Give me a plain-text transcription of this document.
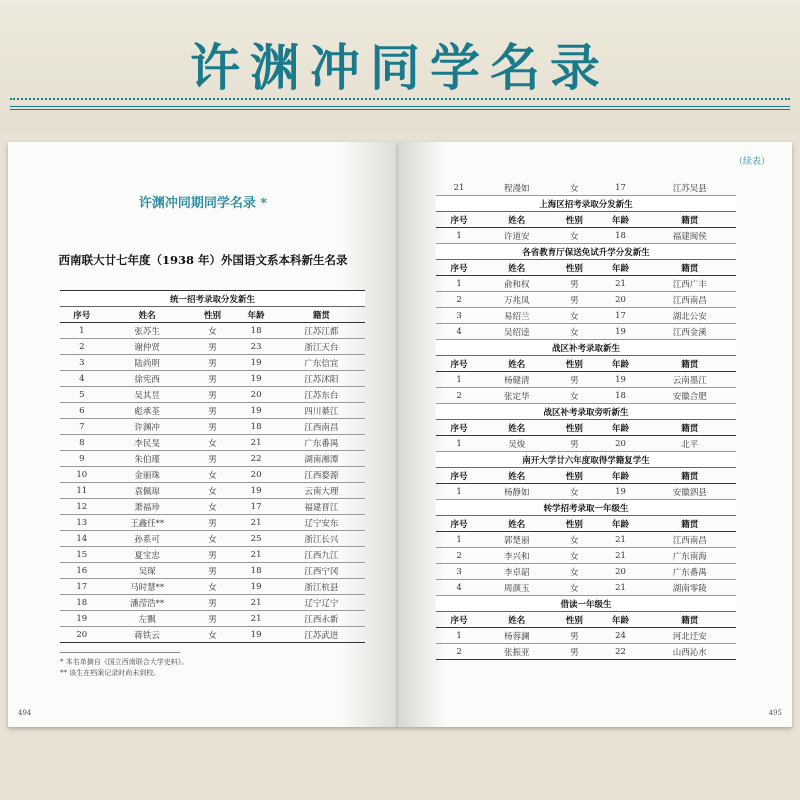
许渊冲同学名录
许渊冲同期同学名录 *
西南联大廿七年度（1938 年）外国语文系本科新生名录
统一招考录取分发新生				
序号	姓名	性别	年龄	籍贯
1	张苏生	女	18	江苏江都
2	谢仲贤	男	23	浙江天台
3	陆尚明	男	19	广东信宜
4	徐宪西	男	19	江苏沭阳
5	吴其昱	男	20	江苏东台
6	彪承荃	男	19	四川綦江
7	许渊冲	男	18	江西南昌
8	李民旻	女	21	广东番禺
9	朱伯瑾	男	22	湖南湘潭
10	金丽珠	女	20	江西婺源
11	袁佩琼	女	19	云南大理
12	萧福珍	女	17	福建晋江
13	王鑫任**	男	21	辽宁安东
14	孙系可	女	25	浙江长兴
15	夏宝忠	男	21	江西九江
16	吴琛	男	18	江西宁冈
17	马时慧**	女	19	浙江杭县
18	潘滢浩**	男	21	辽宁辽宁
19	左飘	男	21	江西永新
20	蒋铁云	女	19	江苏武进
* 本名单摘自《国立西南联合大学史料》。
** 该生在档案记录时尚未到校。
494
（续表）
21	程漫如	女	17	江苏吴县
上海区招考录取分发新生				
序号	姓名	性别	年龄	籍贯
1	许道安	女	18	福建闽侯
各省教育厅保送免试升学分发新生				
序号	姓名	性别	年龄	籍贯
1	俞和权	男	21	江西广丰
2	万兆凤	男	20	江西南昌
3	易绍兰	女	17	湖北公安
4	吴绍逵	女	19	江西金溪
战区补考录取新生				
序号	姓名	性别	年龄	籍贯
1	杨健清	男	19	云南墨江
2	张定华	女	18	安徽合肥
战区补考录取旁听新生				
序号	姓名	性别	年龄	籍贯
1	吴焌	男	20	北平
南开大学廿六年度取得学籍复学生				
序号	姓名	性别	年龄	籍贯
1	杨静如	女	19	安徽泗县
转学招考录取一年级生				
序号	姓名	性别	年龄	籍贯
1	郭楚丽	女	21	江西南昌
2	李兴和	女	21	广东南海
3	李卓韶	女	20	广东番禺
4	周颜玉	女	21	湖南零陵
借读一年级生				
序号	姓名	性别	年龄	籍贯
1	杨蓉澜	男	24	河北迁安
2	张振亚	男	22	山西沁水
495
